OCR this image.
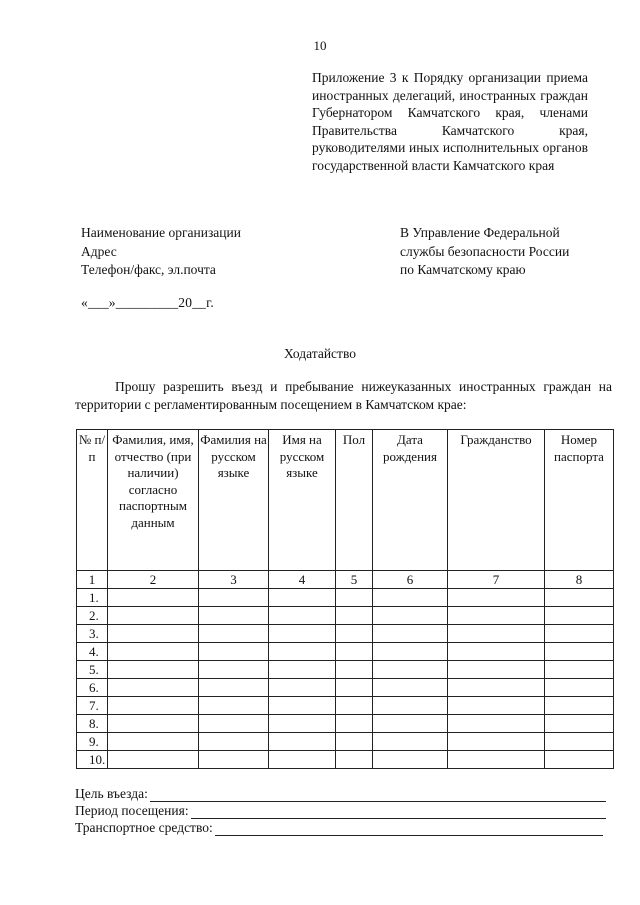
10
Приложение 3 к Порядку организации приема иностранных делегаций, иностранных граждан Губернатором Камчатского края, членами Правительства Камчатского края, руководителями иных исполнительных органов государственной власти Камчатского края
Наименование организации
Адрес
Телефон/факс, эл.почта
В Управление Федеральной
службы безопасности России
по Камчатскому краю
«___»_________20__г.
Ходатайство
Прошу разрешить въезд и пребывание нижеуказанных иностранных граждан на территории с регламентированным посещением в Камчатском крае:
№ п/п	Фамилия, имя, отчество (при наличии) согласно паспортным данным	Фамилия на русском языке	Имя на русском языке	Пол	Дата рождения	Гражданство	Номер паспорта
1	2	3	4	5	6	7	8
1.							
2.							
3.							
4.							
5.							
6.							
7.							
8.							
9.							
10.							
Цель въезда:
Период посещения:
Транспортное средство:
